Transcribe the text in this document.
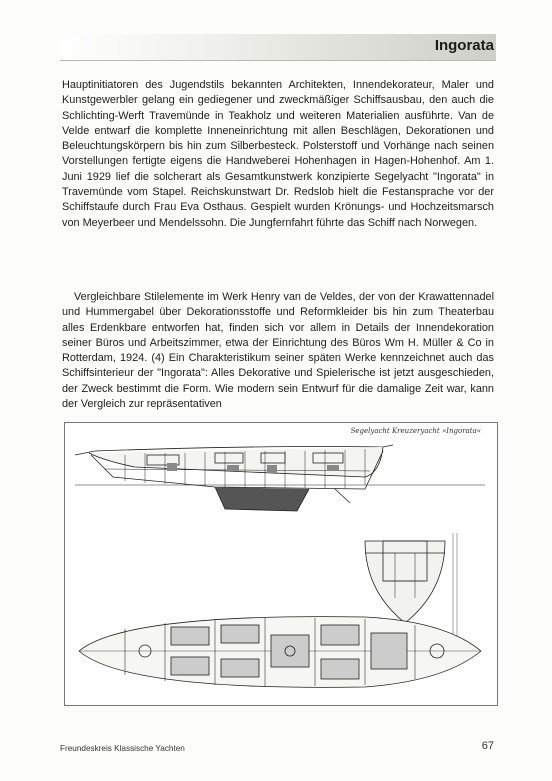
Ingorata

Hauptinitiatoren des Jugendstils bekannten Architekten, Innendekorateur, Maler und Kunstgewerbler gelang ein gediegener und zweckmäßiger Schiffsausbau, den auch die Schlichting-Werft Travemünde in Teakholz und weiteren Materialien ausführte. Van de Velde entwarf die komplette Inneneinrichtung mit allen Beschlägen, Dekorationen und Beleuchtungskörpern bis hin zum Silberbesteck. Polsterstoff und Vorhänge nach seinen Vorstellungen fertigte eigens die Handweberei Hohenhagen in Hagen-Hohenhof. Am 1. Juni 1929 lief die solcherart als Gesamtkunstwerk konzipierte Segelyacht "Ingorata" in Travemünde vom Stapel. Reichskunstwart Dr. Redslob hielt die Festansprache vor der Schiffstaufe durch Frau Eva Osthaus. Gespielt wurden Krönungs- und Hochzeitsmarsch von Meyerbeer und Mendelssohn. Die Jungfernfahrt führte das Schiff nach Norwegen.

Vergleichbare Stilelemente im Werk Henry van de Veldes, der von der Krawattennadel und Hummergabel über Dekorationsstoffe und Reformkleider bis hin zum Theaterbau alles Erdenkbare entworfen hat, finden sich vor allem in Details der Innendekoration seiner Büros und Arbeitszimmer, etwa der Einrichtung des Büros Wm H. Müller & Co in Rotterdam, 1924. (4) Ein Charakteristikum seiner späten Werke kennzeichnet auch das Schiffsinterieur der "Ingorata": Alles Dekorative und Spielerische ist jetzt ausgeschieden, der Zweck bestimmt die Form. Wie modern sein Entwurf für die damalige Zeit war, kann der Vergleich zur repräsentativen

Segelyacht Kreuzeryacht »Ingorata«
Freundeskreis Klassische Yachten	67
